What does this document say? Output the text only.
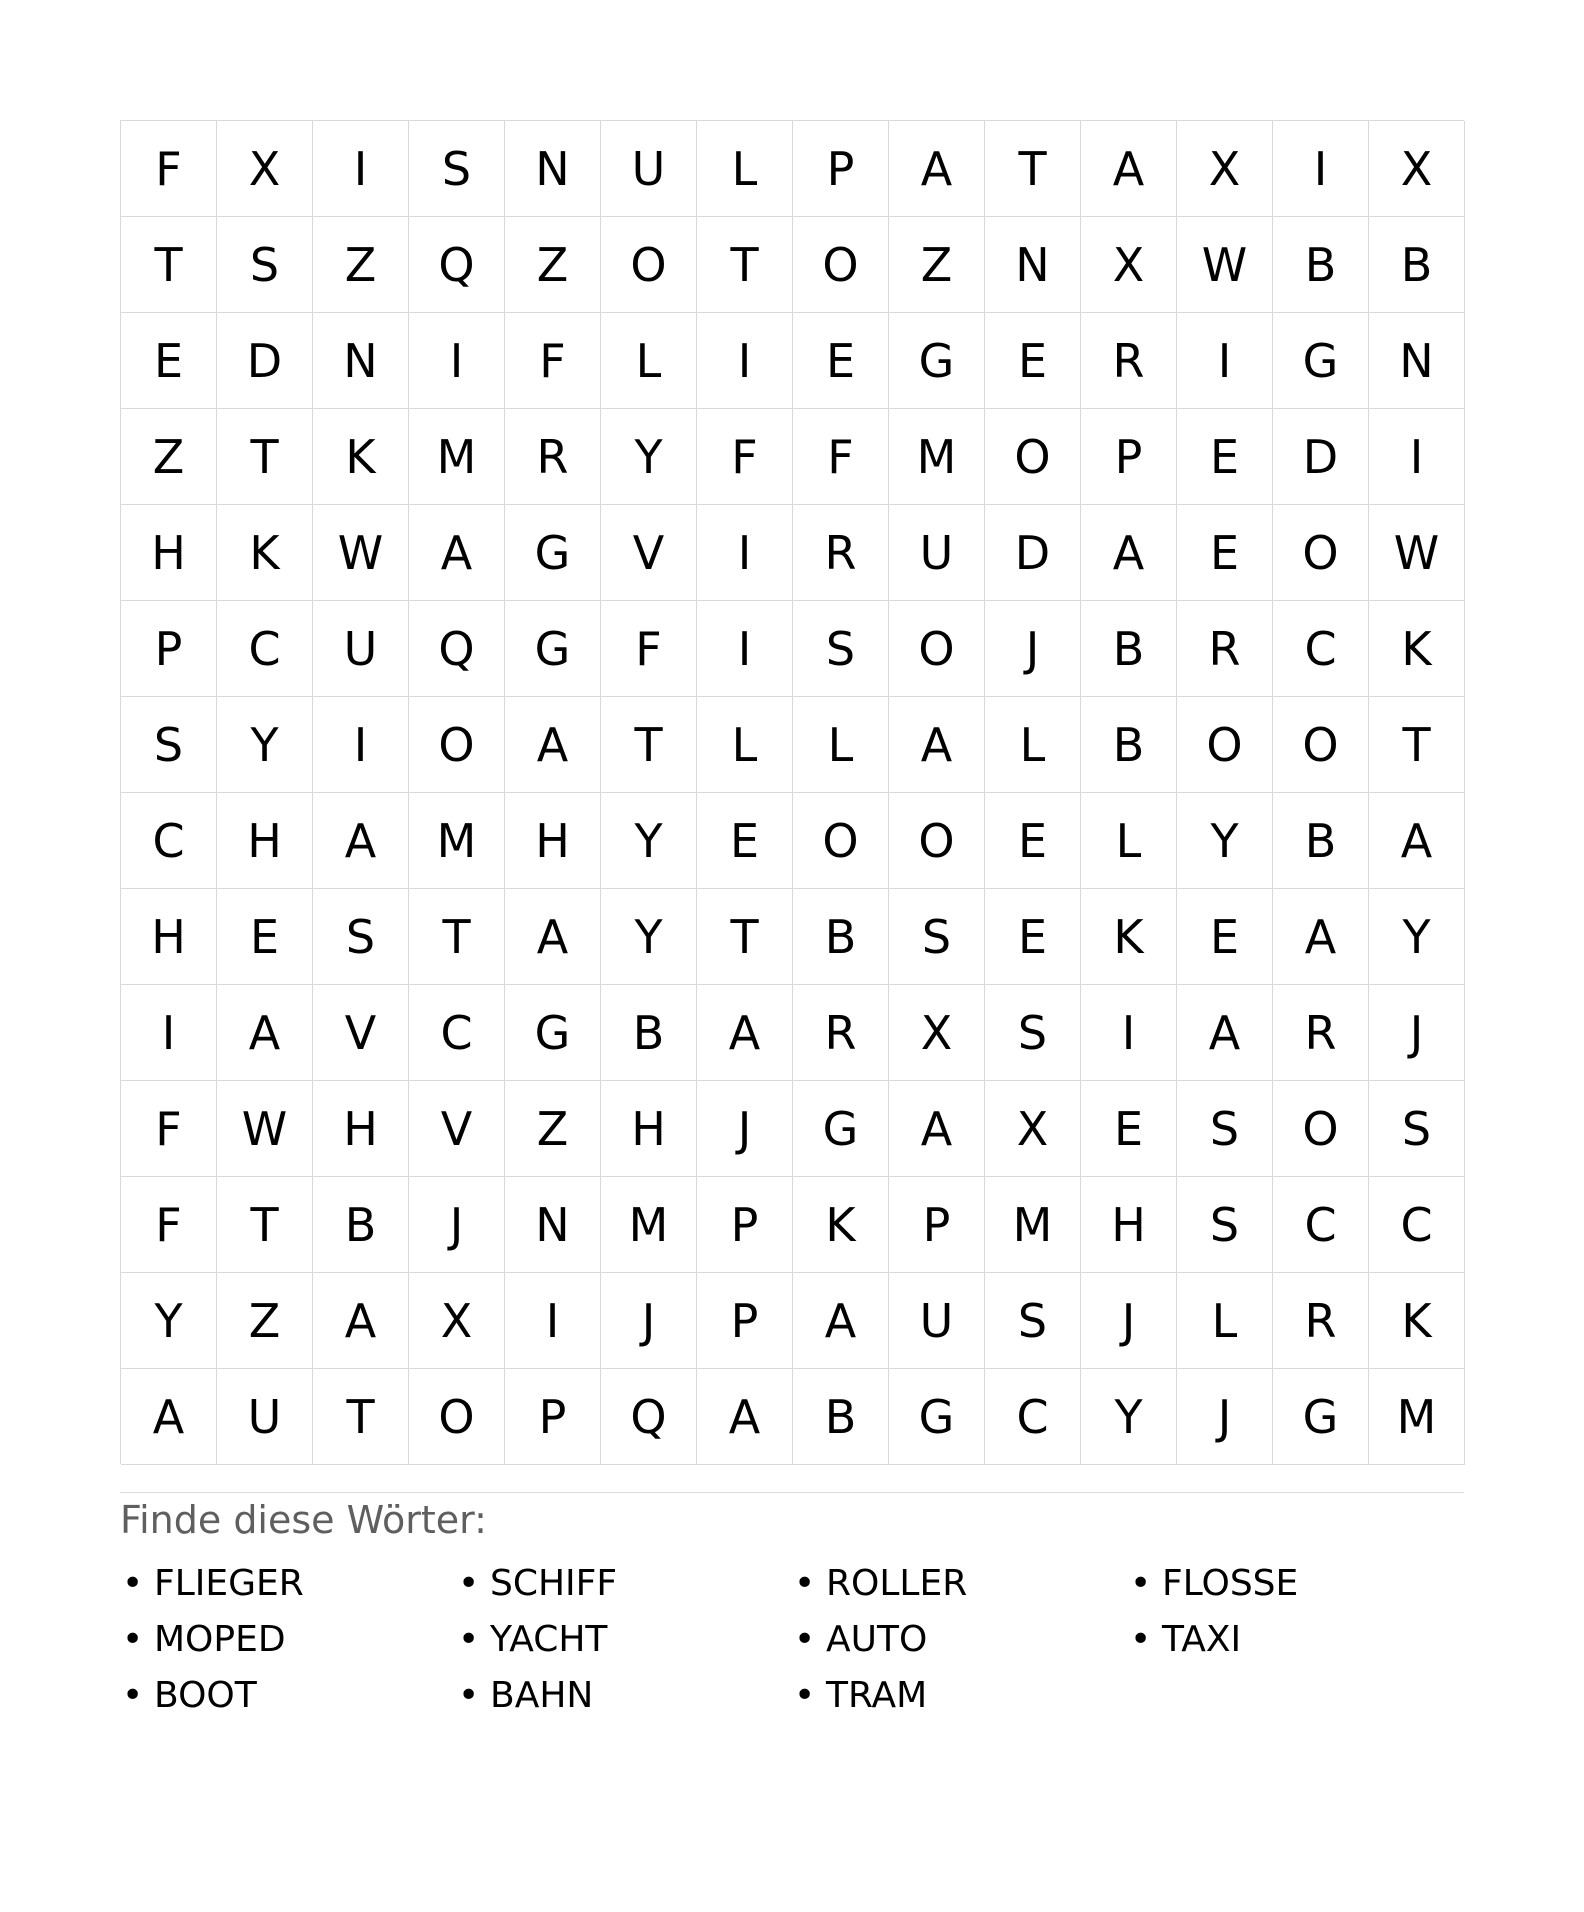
F	X	I	S	N	U	L	P	A	T	A	X	I	X
T	S	Z	Q	Z	O	T	O	Z	N	X	W	B	B
E	D	N	I	F	L	I	E	G	E	R	I	G	N
Z	T	K	M	R	Y	F	F	M	O	P	E	D	I
H	K	W	A	G	V	I	R	U	D	A	E	O	W
P	C	U	Q	G	F	I	S	O	J	B	R	C	K
S	Y	I	O	A	T	L	L	A	L	B	O	O	T
C	H	A	M	H	Y	E	O	O	E	L	Y	B	A
H	E	S	T	A	Y	T	B	S	E	K	E	A	Y
I	A	V	C	G	B	A	R	X	S	I	A	R	J
F	W	H	V	Z	H	J	G	A	X	E	S	O	S
F	T	B	J	N	M	P	K	P	M	H	S	C	C
Y	Z	A	X	I	J	P	A	U	S	J	L	R	K
A	U	T	O	P	Q	A	B	G	C	Y	J	G	M
Finde diese Wörter:
• FLIEGER	• SCHIFF	• ROLLER	• FLOSSE
• MOPED	• YACHT	• AUTO	• TAXI
• BOOT	• BAHN	• TRAM
